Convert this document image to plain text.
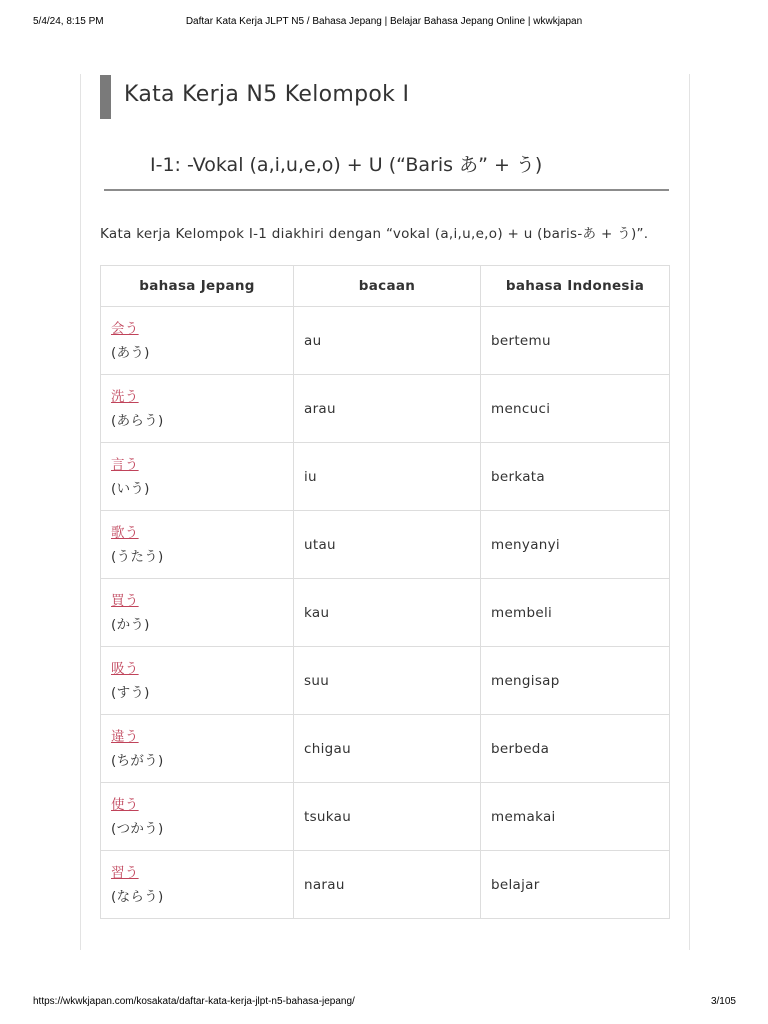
5/4/24, 8:15 PM	Daftar Kata Kerja JLPT N5 / Bahasa Jepang | Belajar Bahasa Jepang Online | wkwkjapan
Kata Kerja N5 Kelompok I
I-1: -Vokal (a,i,u,e,o) + U (“Baris あ” + う)
Kata kerja Kelompok I-1 diakhiri dengan “vokal (a,i,u,e,o) + u (baris-あ + う)”.
bahasa Jepang	bacaan	bahasa Indonesia

会う
(あう)	au	bertemu

洗う
(あらう)	arau	mencuci

言う
(いう)	iu	berkata

歌う
(うたう)	utau	menyanyi

買う
(かう)	kau	membeli

吸う
(すう)	suu	mengisap

違う
(ちがう)	chigau	berbeda

使う
(つかう)	tsukau	memakai

習う
(ならう)	narau	belajar
https://wkwkjapan.com/kosakata/daftar-kata-kerja-jlpt-n5-bahasa-jepang/	3/105
